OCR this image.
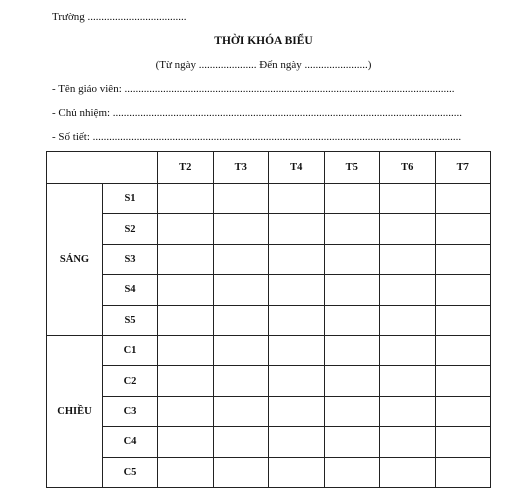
Trường ....................................
THỜI KHÓA BIỂU
(Từ ngày ..................... Đến ngày .......................)
- Tên giáo viên: ........................................................................................................................
- Chủ nhiệm: ...............................................................................................................................
- Số tiết: ......................................................................................................................................
		T2	T3	T4	T5	T6	T7
SÁNG	S1						
	S2						
	S3						
	S4						
	S5						
CHIỀU	C1						
	C2						
	C3						
	C4						
	C5						
